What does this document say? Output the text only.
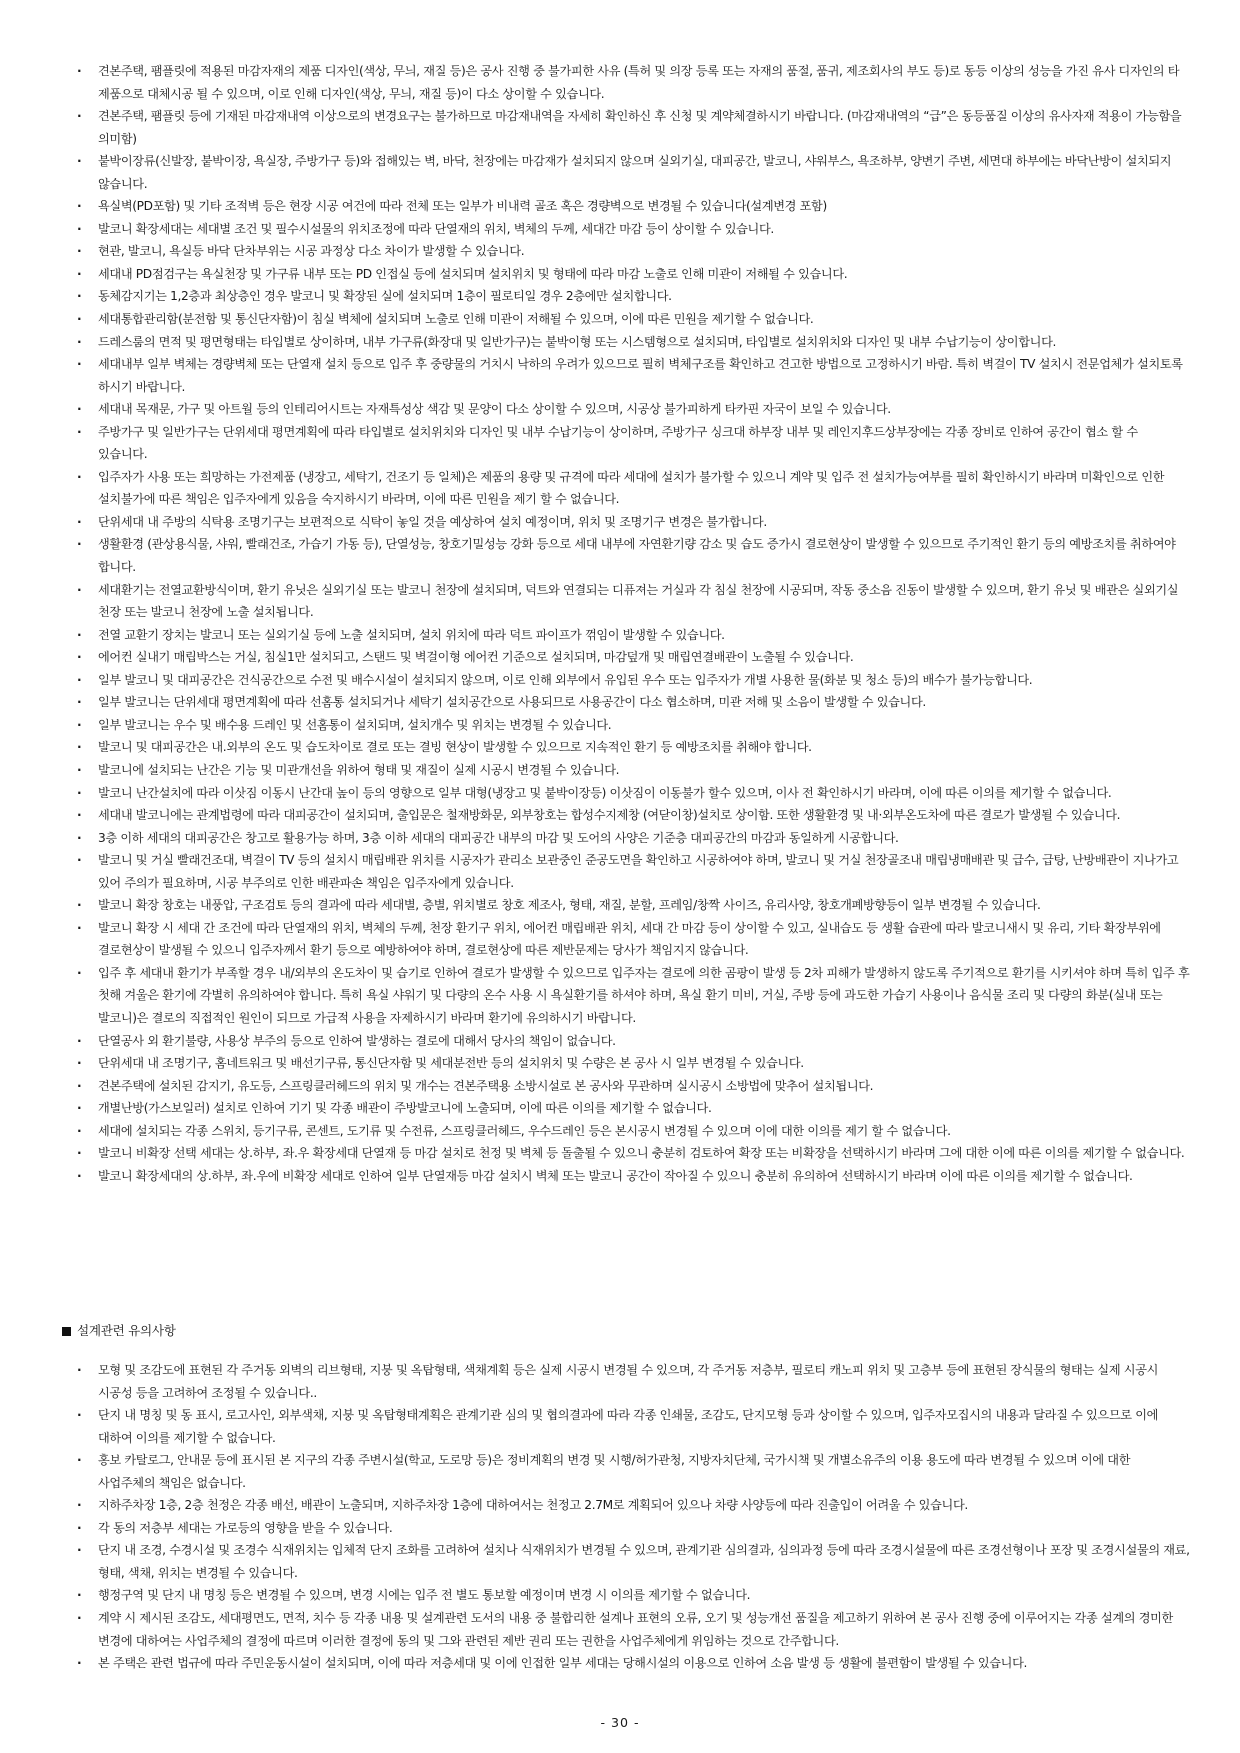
· 견본주택, 팸플릿에 적용된 마감자재의 제품 디자인(색상, 무늬, 재질 등)은 공사 진행 중 불가피한 사유 (특허 및 의장 등록 또는 자재의 품절, 품귀, 제조회사의 부도 등)로 동등 이상의 성능을 가진 유사 디자인의 타 제품으로 대체시공 될 수 있으며, 이로 인해 디자인(색상, 무늬, 재질 등)이 다소 상이할 수 있습니다.
· 견본주택, 팸플릿 등에 기재된 마감재내역 이상으로의 변경요구는 불가하므로 마감재내역을 자세히 확인하신 후 신청 및 계약체결하시기 바랍니다. (마감재내역의 “급”은 동등품질 이상의 유사자재 적용이 가능함을 의미함)
· 붙박이장류(신발장, 붙박이장, 욕실장, 주방가구 등)와 접해있는 벽, 바닥, 천장에는 마감재가 설치되지 않으며 실외기실, 대피공간, 발코니, 샤워부스, 욕조하부, 양변기 주변, 세면대 하부에는 바닥난방이 설치되지 않습니다.
· 욕실벽(PD포함) 및 기타 조적벽 등은 현장 시공 여건에 따라 전체 또는 일부가 비내력 골조 혹은 경량벽으로 변경될 수 있습니다(설계변경 포함)
· 발코니 확장세대는 세대별 조건 및 필수시설물의 위치조정에 따라 단열재의 위치, 벽체의 두께, 세대간 마감 등이 상이할 수 있습니다.
· 현관, 발코니, 욕실등 바닥 단차부위는 시공 과정상 다소 차이가 발생할 수 있습니다.
· 세대내 PD점검구는 욕실천장 및 가구류 내부 또는 PD 인접실 등에 설치되며 설치위치 및 형태에 따라 마감 노출로 인해 미관이 저해될 수 있습니다.
· 동체감지기는 1,2층과 최상층인 경우 발코니 및 확장된 실에 설치되며 1층이 필로티일 경우 2층에만 설치합니다.
· 세대통합관리함(분전함 및 통신단자함)이 침실 벽체에 설치되며 노출로 인해 미관이 저해될 수 있으며, 이에 따른 민원을 제기할 수 없습니다.
· 드레스룸의 면적 및 평면형태는 타입별로 상이하며, 내부 가구류(화장대 및 일반가구)는 붙박이형 또는 시스템형으로 설치되며, 타입별로 설치위치와 디자인 및 내부 수납기능이 상이합니다.
· 세대내부 일부 벽체는 경량벽체 또는 단열재 설치 등으로 입주 후 중량물의 거치시 낙하의 우려가 있으므로 필히 벽체구조를 확인하고 견고한 방법으로 고정하시기 바람. 특히 벽걸이 TV 설치시 전문업체가 설치토록 하시기 바랍니다.
· 세대내 목재문, 가구 및 아트월 등의 인테리어시트는 자재특성상 색감 및 문양이 다소 상이할 수 있으며, 시공상 불가피하게 타카핀 자국이 보일 수 있습니다.
· 주방가구 및 일반가구는 단위세대 평면계획에 따라 타입별로 설치위치와 디자인 및 내부 수납기능이 상이하며, 주방가구 싱크대 하부장 내부 및 레인지후드상부장에는 각종 장비로 인하여 공간이 협소 할 수 있습니다.
· 입주자가 사용 또는 희망하는 가전제품 (냉장고, 세탁기, 건조기 등 일체)은 제품의 용량 및 규격에 따라 세대에 설치가 불가할 수 있으니 계약 및 입주 전 설치가능여부를 필히 확인하시기 바라며 미확인으로 인한 설치불가에 따른 책임은 입주자에게 있음을 숙지하시기 바라며, 이에 따른 민원을 제기 할 수 없습니다.
· 단위세대 내 주방의 식탁용 조명기구는 보편적으로 식탁이 놓일 것을 예상하여 설치 예정이며, 위치 및 조명기구 변경은 불가합니다.
· 생활환경 (관상용식물, 샤워, 빨래건조, 가습기 가동 등), 단열성능, 창호기밀성능 강화 등으로 세대 내부에 자연환기량 감소 및 습도 증가시 결로현상이 발생할 수 있으므로 주기적인 환기 등의 예방조치를 취하여야 합니다.
· 세대환기는 전열교환방식이며, 환기 유닛은 실외기실 또는 발코니 천장에 설치되며, 덕트와 연결되는 디퓨져는 거실과 각 침실 천장에 시공되며, 작동 중소음 진동이 발생할 수 있으며, 환기 유닛 및 배관은 실외기실 천장 또는 발코니 천장에 노출 설치됩니다.
· 전열 교환기 장치는 발코니 또는 실외기실 등에 노출 설치되며, 설치 위치에 따라 덕트 파이프가 꺾임이 발생할 수 있습니다.
· 에어컨 실내기 매립박스는 거실, 침실1만 설치되고, 스탠드 및 벽걸이형 에어컨 기준으로 설치되며, 마감덮개 및 매립연결배관이 노출될 수 있습니다.
· 일부 발코니 및 대피공간은 건식공간으로 수전 및 배수시설이 설치되지 않으며, 이로 인해 외부에서 유입된 우수 또는 입주자가 개별 사용한 물(화분 및 청소 등)의 배수가 불가능합니다.
· 일부 발코니는 단위세대 평면계획에 따라 선홈통 설치되거나 세탁기 설치공간으로 사용되므로 사용공간이 다소 협소하며, 미관 저해 및 소음이 발생할 수 있습니다.
· 일부 발코니는 우수 및 배수용 드레인 및 선홈통이 설치되며, 설치개수 및 위치는 변경될 수 있습니다.
· 발코니 및 대피공간은 내.외부의 온도 및 습도차이로 결로 또는 결빙 현상이 발생할 수 있으므로 지속적인 환기 등 예방조치를 취해야 합니다.
· 발코니에 설치되는 난간은 기능 및 미관개선을 위하여 형태 및 재질이 실제 시공시 변경될 수 있습니다.
· 발코니 난간설치에 따라 이삿짐 이동시 난간대 높이 등의 영향으로 일부 대형(냉장고 및 붙박이장등) 이삿짐이 이동불가 할수 있으며, 이사 전 확인하시기 바라며, 이에 따른 이의를 제기할 수 없습니다.
· 세대내 발코니에는 관계법령에 따라 대피공간이 설치되며, 출입문은 철재방화문, 외부창호는 합성수지제창 (여닫이창)설치로 상이함. 또한 생활환경 및 내·외부온도차에 따른 결로가 발생될 수 있습니다.
· 3층 이하 세대의 대피공간은 창고로 활용가능 하며, 3층 이하 세대의 대피공간 내부의 마감 및 도어의 사양은 기준층 대피공간의 마감과 동일하게 시공합니다.
· 발코니 및 거실 빨래건조대, 벽걸이 TV 등의 설치시 매립배관 위치를 시공자가 관리소 보관중인 준공도면을 확인하고 시공하여야 하며, 발코니 및 거실 천장골조내 매립냉매배관 및 급수, 급탕, 난방배관이 지나가고 있어 주의가 필요하며, 시공 부주의로 인한 배관파손 책임은 입주자에게 있습니다.
· 발코니 확장 창호는 내풍압, 구조검토 등의 결과에 따라 세대별, 층별, 위치별로 창호 제조사, 형태, 재질, 분할, 프레임/창짝 사이즈, 유리사양, 창호개폐방향등이 일부 변경될 수 있습니다.
· 발코니 확장 시 세대 간 조건에 따라 단열재의 위치, 벽체의 두께, 천장 환기구 위치, 에어컨 매립배관 위치, 세대 간 마감 등이 상이할 수 있고, 실내습도 등 생활 습관에 따라 발코니새시 및 유리, 기타 확장부위에 결로현상이 발생될 수 있으니 입주자께서 환기 등으로 예방하여야 하며, 결로현상에 따른 제반문제는 당사가 책임지지 않습니다.
· 입주 후 세대내 환기가 부족할 경우 내/외부의 온도차이 및 습기로 인하여 결로가 발생할 수 있으므로 입주자는 결로에 의한 곰팡이 발생 등 2차 피해가 발생하지 않도록 주기적으로 환기를 시키셔야 하며 특히 입주 후 첫해 겨울은 환기에 각별히 유의하여야 합니다. 특히 욕실 샤워기 및 다량의 온수 사용 시 욕실환기를 하셔야 하며, 욕실 환기 미비, 거실, 주방 등에 과도한 가습기 사용이나 음식물 조리 및 다량의 화분(실내 또는 발코니)은 결로의 직접적인 원인이 되므로 가급적 사용을 자제하시기 바라며 환기에 유의하시기 바랍니다.
· 단열공사 외 환기불량, 사용상 부주의 등으로 인하여 발생하는 결로에 대해서 당사의 책임이 없습니다.
· 단위세대 내 조명기구, 홈네트워크 및 배선기구류, 통신단자함 및 세대분전반 등의 설치위치 및 수량은 본 공사 시 일부 변경될 수 있습니다.
· 견본주택에 설치된 감지기, 유도등, 스프링클러헤드의 위치 및 개수는 견본주택용 소방시설로 본 공사와 무관하며 실시공시 소방법에 맞추어 설치됩니다.
· 개별난방(가스보일러) 설치로 인하여 기기 및 각종 배관이 주방발코니에 노출되며, 이에 따른 이의를 제기할 수 없습니다.
· 세대에 설치되는 각종 스위치, 등기구류, 콘센트, 도기류 및 수전류, 스프링클러헤드, 우수드레인 등은 본시공시 변경될 수 있으며 이에 대한 이의를 제기 할 수 없습니다.
· 발코니 비확장 선택 세대는 상.하부, 좌.우 확장세대 단열재 등 마감 설치로 천정 및 벽체 등 돌출될 수 있으니 충분히 검토하여 확장 또는 비확장을 선택하시기 바라며 그에 대한 이에 따른 이의를 제기할 수 없습니다.
· 발코니 확장세대의 상.하부, 좌.우에 비확장 세대로 인하여 일부 단열재등 마감 설치시 벽체 또는 발코니 공간이 작아질 수 있으니 충분히 유의하여 선택하시기 바라며 이에 따른 이의를 제기할 수 없습니다.
설계관련 유의사항
· 모형 및 조감도에 표현된 각 주거동 외벽의 리브형태, 지붕 및 옥탑형태, 색채계획 등은 실제 시공시 변경될 수 있으며, 각 주거동 저층부, 필로티 캐노피 위치 및 고층부 등에 표현된 장식물의 형태는 실제 시공시 시공성 등을 고려하여 조정될 수 있습니다..
· 단지 내 명칭 및 동 표시, 로고사인, 외부색채, 지붕 및 옥탑형태계획은 관계기관 심의 및 협의결과에 따라 각종 인쇄물, 조감도, 단지모형 등과 상이할 수 있으며, 입주자모집시의 내용과 달라질 수 있으므로 이에 대하여 이의를 제기할 수 없습니다.
· 홍보 카탈로그, 안내문 등에 표시된 본 지구의 각종 주변시설(학교, 도로망 등)은 정비계획의 변경 및 시행/허가관청, 지방자치단체, 국가시책 및 개별소유주의 이용 용도에 따라 변경될 수 있으며 이에 대한 사업주체의 책임은 없습니다.
· 지하주차장 1층, 2층 천정은 각종 배선, 배관이 노출되며, 지하주차장 1층에 대하여서는 천정고 2.7M로 계획되어 있으나 차량 사양등에 따라 진출입이 어려울 수 있습니다.
· 각 동의 저층부 세대는 가로등의 영향을 받을 수 있습니다.
· 단지 내 조경, 수경시설 및 조경수 식재위치는 입체적 단지 조화를 고려하여 설치나 식재위치가 변경될 수 있으며, 관계기관 심의결과, 심의과정 등에 따라 조경시설물에 따른 조경선형이나 포장 및 조경시설물의 재료, 형태, 색채, 위치는 변경될 수 있습니다.
· 행정구역 및 단지 내 명칭 등은 변경될 수 있으며, 변경 시에는 입주 전 별도 통보할 예정이며 변경 시 이의를 제기할 수 없습니다.
· 계약 시 제시된 조감도, 세대평면도, 면적, 치수 등 각종 내용 및 설계관련 도서의 내용 중 불합리한 설계나 표현의 오류, 오기 및 성능개선 품질을 제고하기 위하여 본 공사 진행 중에 이루어지는 각종 설계의 경미한 변경에 대하여는 사업주체의 결정에 따르며 이러한 결정에 동의 및 그와 관련된 제반 권리 또는 권한을 사업주체에게 위임하는 것으로 간주합니다.
· 본 주택은 관련 법규에 따라 주민운동시설이 설치되며, 이에 따라 저층세대 및 이에 인접한 일부 세대는 당해시설의 이용으로 인하여 소음 발생 등 생활에 불편함이 발생될 수 있습니다.
- 30 -
